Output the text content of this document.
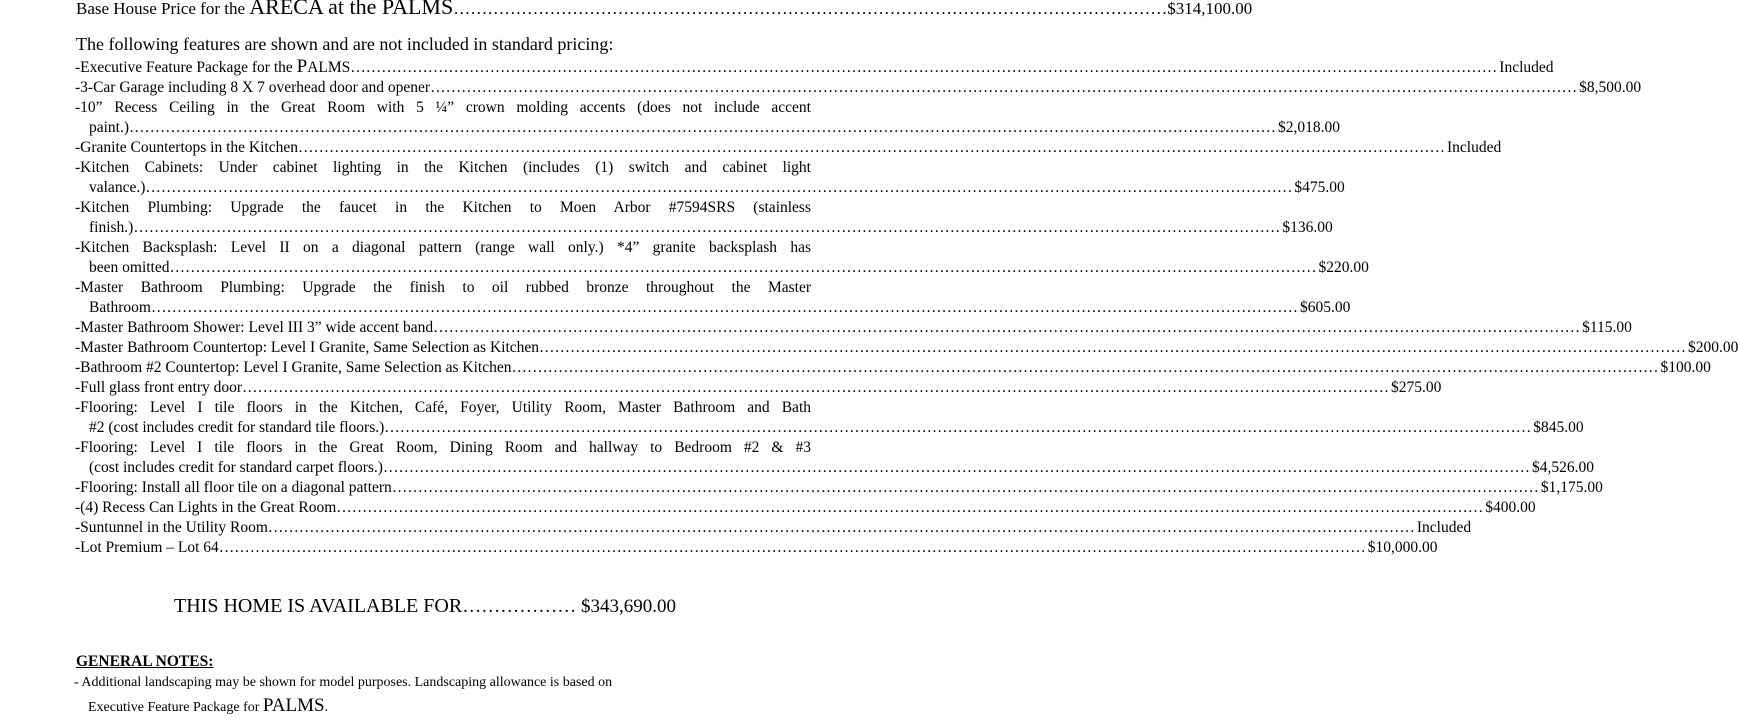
Base House Price for the ARECA at the PALMS………………………………………………………………………………………………………………$314,100.00
The following features are shown and are not included in standard pricing:
-Executive Feature Package for the PALMS…………………………………………………………………………………………………………………………………………………………………………………………………… Included
-3-Car Garage including 8 X 7 overhead door and opener…………………………………………………………………………………………………………………………………………………………………………………………………… $8,500.00
-10” Recess Ceiling in the Great Room with 5 ¼” crown molding accents (does not include accent
paint.)…………………………………………………………………………………………………………………………………………………………………………………………………… $2,018.00
-Granite Countertops in the Kitchen…………………………………………………………………………………………………………………………………………………………………………………………………… Included
-Kitchen Cabinets: Under cabinet lighting in the Kitchen (includes (1) switch and cabinet light
valance.)…………………………………………………………………………………………………………………………………………………………………………………………………… $475.00
-Kitchen Plumbing: Upgrade the faucet in the Kitchen to Moen Arbor #7594SRS (stainless
finish.)…………………………………………………………………………………………………………………………………………………………………………………………………… $136.00
-Kitchen Backsplash: Level II on a diagonal pattern (range wall only.) *4” granite backsplash has
been omitted…………………………………………………………………………………………………………………………………………………………………………………………………… $220.00
-Master Bathroom Plumbing: Upgrade the finish to oil rubbed bronze throughout the Master
Bathroom…………………………………………………………………………………………………………………………………………………………………………………………………… $605.00
-Master Bathroom Shower: Level III 3” wide accent band…………………………………………………………………………………………………………………………………………………………………………………………………… $115.00
-Master Bathroom Countertop: Level I Granite, Same Selection as Kitchen…………………………………………………………………………………………………………………………………………………………………………………………………… $200.00
-Bathroom #2 Countertop: Level I Granite, Same Selection as Kitchen…………………………………………………………………………………………………………………………………………………………………………………………………… $100.00
-Full glass front entry door…………………………………………………………………………………………………………………………………………………………………………………………………… $275.00
-Flooring: Level I tile floors in the Kitchen, Café, Foyer, Utility Room, Master Bathroom and Bath
#2 (cost includes credit for standard tile floors.)…………………………………………………………………………………………………………………………………………………………………………………………………… $845.00
-Flooring: Level I tile floors in the Great Room, Dining Room and hallway to Bedroom #2 & #3
(cost includes credit for standard carpet floors.)…………………………………………………………………………………………………………………………………………………………………………………………………… $4,526.00
-Flooring: Install all floor tile on a diagonal pattern…………………………………………………………………………………………………………………………………………………………………………………………………… $1,175.00
-(4) Recess Can Lights in the Great Room…………………………………………………………………………………………………………………………………………………………………………………………………… $400.00
-Suntunnel in the Utility Room…………………………………………………………………………………………………………………………………………………………………………………………………… Included
-Lot Premium – Lot 64…………………………………………………………………………………………………………………………………………………………………………………………………… $10,000.00
THIS HOME IS AVAILABLE FOR……………… $343,690.00
GENERAL NOTES:
- Additional landscaping may be shown for model purposes. Landscaping allowance is based on
Executive Feature Package for PALMS.
